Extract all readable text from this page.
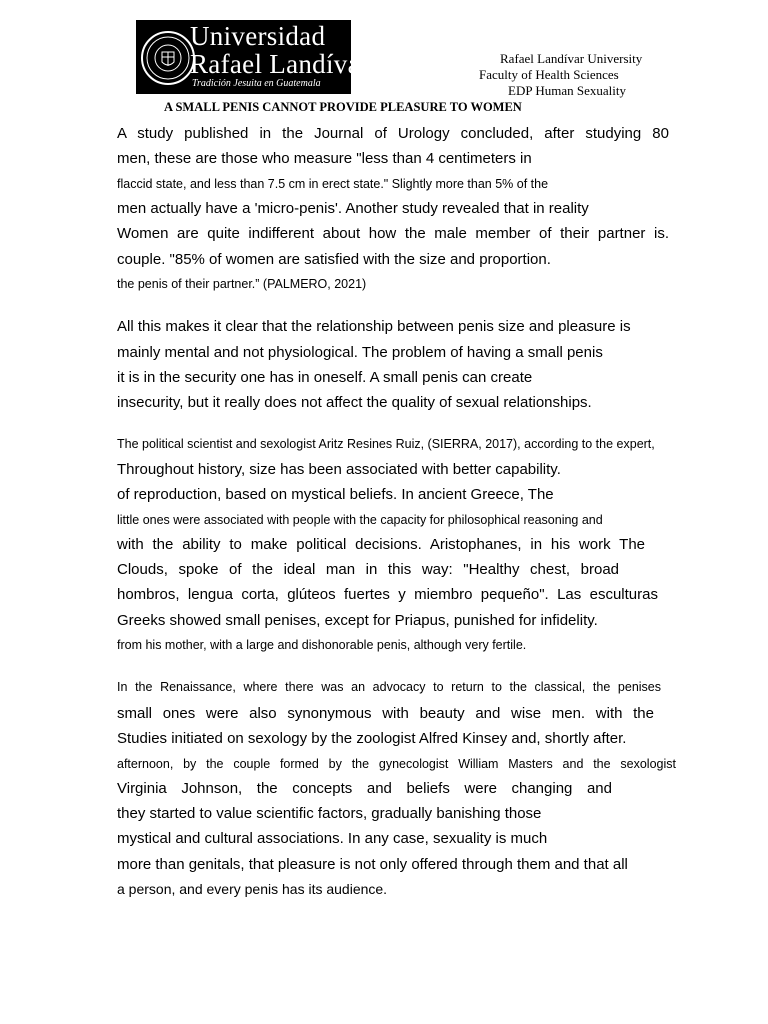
Universidad
Rafael Landívar
Tradición Jesuita en Guatemala
Rafael Landívar University
Faculty of Health Sciences
EDP Human Sexuality
A SMALL PENIS CANNOT PROVIDE PLEASURE TO WOMEN
A study published in the Journal of Urology concluded, after studying 80
men, these are those who measure "less than 4 centimeters in
flaccid state, and less than 7.5 cm in erect state." Slightly more than 5% of the
men actually have a 'micro-penis'. Another study revealed that in reality
Women are quite indifferent about how the male member of their partner is.
couple. "85% of women are satisfied with the size and proportion.
the penis of their partner.” (PALMERO, 2021)
All this makes it clear that the relationship between penis size and pleasure is
mainly mental and not physiological. The problem of having a small penis
it is in the security one has in oneself. A small penis can create
insecurity, but it really does not affect the quality of sexual relationships.
The political scientist and sexologist Aritz Resines Ruiz, (SIERRA, 2017), according to the expert,
Throughout history, size has been associated with better capability.
of reproduction, based on mystical beliefs. In ancient Greece, The
little ones were associated with people with the capacity for philosophical reasoning and
with the ability to make political decisions. Aristophanes, in his work The
Clouds, spoke of the ideal man in this way: "Healthy chest, broad
hombros, lengua corta, glúteos fuertes y miembro pequeño". Las esculturas
Greeks showed small penises, except for Priapus, punished for infidelity.
from his mother, with a large and dishonorable penis, although very fertile.
In the Renaissance, where there was an advocacy to return to the classical, the penises
small ones were also synonymous with beauty and wise men. with the
Studies initiated on sexology by the zoologist Alfred Kinsey and, shortly after.
afternoon, by the couple formed by the gynecologist William Masters and the sexologist
Virginia Johnson, the concepts and beliefs were changing and
they started to value scientific factors, gradually banishing those
mystical and cultural associations. In any case, sexuality is much
more than genitals, that pleasure is not only offered through them and that all
a person, and every penis has its audience.
